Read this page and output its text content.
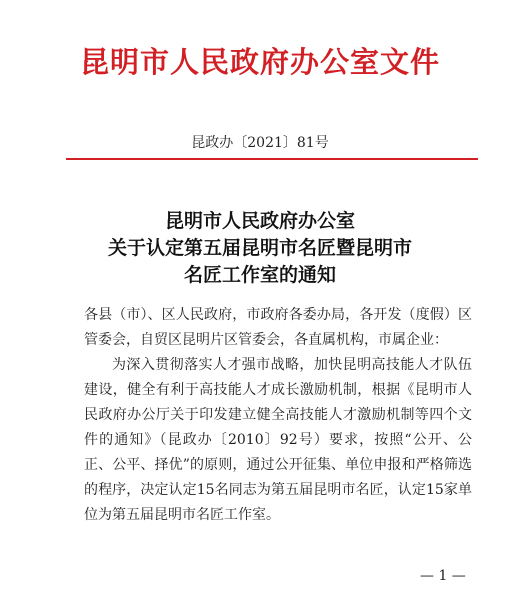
昆明市人民政府办公室文件
昆政办〔2021〕81号
昆明市人民政府办公室
关于认定第五届昆明市名匠暨昆明市
名匠工作室的通知

各县（市）、区人民政府，市政府各委办局，各开发（度假）区管委会，自贸区昆明片区管委会，各直属机构，市属企业：

为深入贯彻落实人才强市战略，加快昆明高技能人才队伍建设，健全有利于高技能人才成长激励机制，根据《昆明市人民政府办公厅关于印发建立健全高技能人才激励机制等四个文件的通知》（昆政办〔2010〕92号）要求，按照“公开、公正、公平、择优”的原则，通过公开征集、单位申报和严格筛选的程序，决定认定15名同志为第五届昆明市名匠，认定15家单位为第五届昆明市名匠工作室。

— 1 —
